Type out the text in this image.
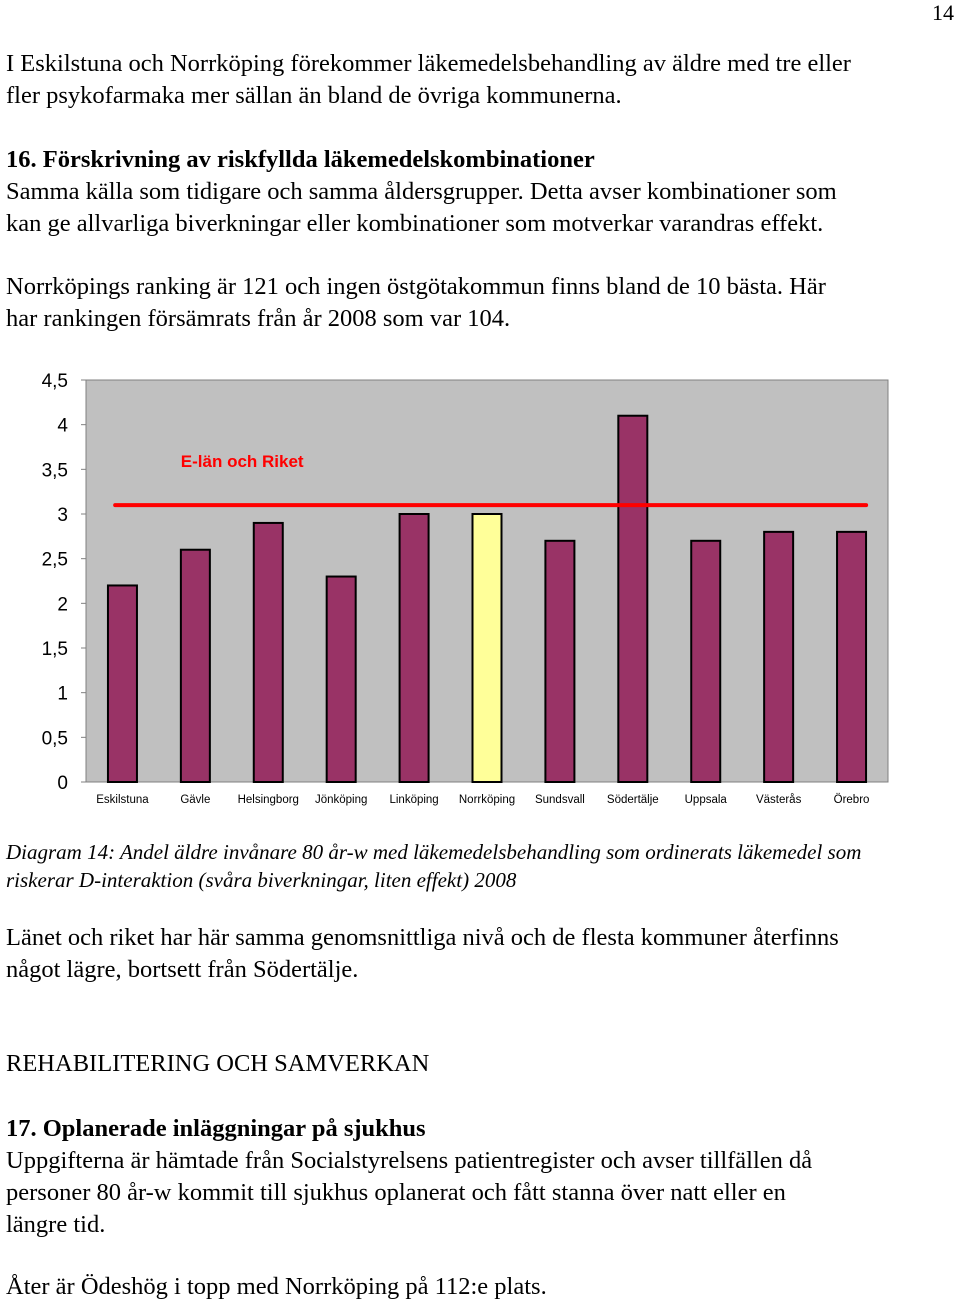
14

I Eskilstuna och Norrköping förekommer läkemedelsbehandling av äldre med tre eller
fler psykofarmaka mer sällan än bland de övriga kommunerna.

16. Förskrivning av riskfyllda läkemedelskombinationer
Samma källa som tidigare och samma åldersgrupper. Detta avser kombinationer som
kan ge allvarliga biverkningar eller kombinationer som motverkar varandras effekt.

Norrköpings ranking är 121 och ingen östgötakommun finns bland de 10 bästa. Här
har rankingen försämrats från år 2008 som var 104.

0
0,5
1
1,5
2
2,5
3
3,5
4
4,5
Eskilstuna	Gävle Helsingborg Jönköping Linköping Norrköping Sundsvall Södertälje Uppsala	Västerås	Örebro
E-län och Riket

Diagram 14: Andel äldre invånare 80 år-w med läkemedelsbehandling som ordinerats läkemedel som
riskerar D-interaktion (svåra biverkningar, liten effekt) 2008

Länet och riket har här samma genomsnittliga nivå och de flesta kommuner återfinns
något lägre, bortsett från Södertälje.

REHABILITERING OCH SAMVERKAN

17. Oplanerade inläggningar på sjukhus
Uppgifterna är hämtade från Socialstyrelsens patientregister och avser tillfällen då
personer 80 år-w kommit till sjukhus oplanerat och fått stanna över natt eller en
längre tid.

Åter är Ödeshög i topp med Norrköping på 112:e plats.
